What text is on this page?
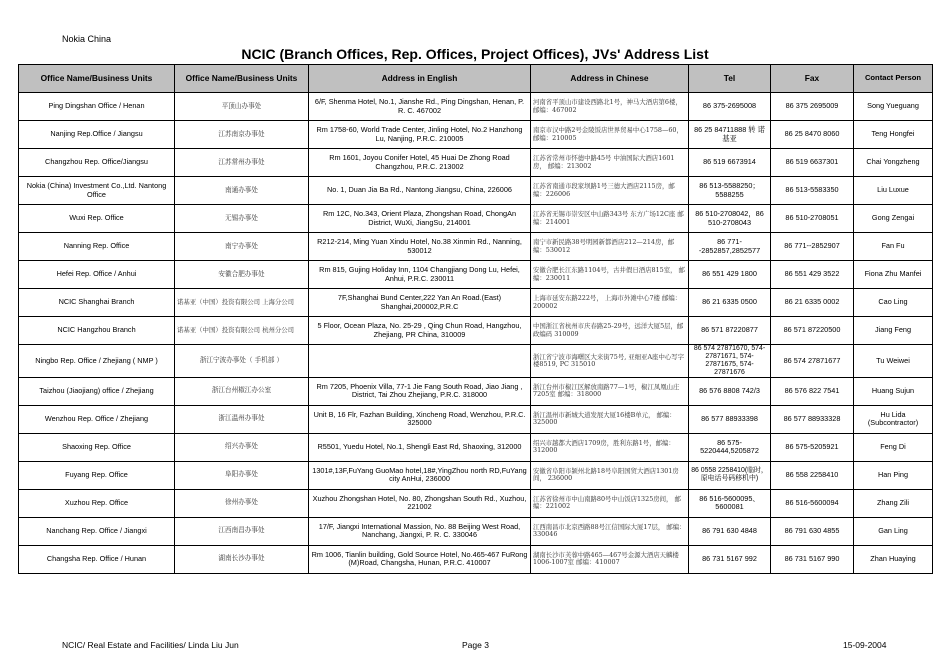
Nokia China
NCIC (Branch Offices, Rep. Offices, Project Offices), JVs' Address List
Office Name/Business Units	Office Name/Business Units	Address in English	Address in Chinese	Tel	Fax	Contact Person
Ping Dingshan Office / Henan	平顶山办事处	6/F, Shenma Hotel, No.1, Jianshe Rd., Ping Dingshan, Henan, P. R. C. 467002	河南省平顶山市建设西路北1号，神马大酒店第6楼，邮编：467002	86 375-2695008	86 375 2695009	Song Yueguang
Nanjing Rep.Office / Jiangsu	江苏南京办事处	Rm 1758-60, World Trade Center, Jinling Hotel, No.2 Hanzhong Lu, Nanjing, P.R.C. 210005	南京市汉中路2号金陵饭店世界贸易中心1758—60， 邮编：210005	86 25 84711888 转 诺基亚	86 25 8470 8060	Teng Hongfei
Changzhou Rep. Office/Jiangsu	江苏常州办事处	Rm 1601, Joyou Conifer Hotel, 45 Huai De Zhong Road Changzhou, P.R.C. 213002	江苏省常州市怀德中路45号 中油国际大酒店1601房， 邮编：213002	86 519 6673914	86 519 6637301	Chai Yongzheng
Nokia (China) Investment Co.,Ltd. Nantong Office	南通办事处	No. 1, Duan Jia Ba Rd., Nantong Jiangsu, China, 226006	江苏省南通市段家坝路1号三德大酒店2115房，邮编：226006	86 513-5588250；5588255	86 513-5583350	Liu Luxue
Wuxi Rep. Office	无锡办事处	Rm 12C, No.343, Orient Plaza, Zhongshan Road, ChongAn District, WuXi, JiangSu, 214001	江苏省无锡市崇安区中山路343号 东方广场12C座 邮编：214001	86 510-2708042，86 510-2708043	86 510-2708051	Gong Zengai
Nanning Rep. Office	南宁办事处	R212-214, Ming Yuan Xindu Hotel, No.38 Xinmin Rd., Nanning, 530012	南宁市新民路38号明园新都酒店212—214房，邮编：530012	86 771--2852857,2852577	86 771--2852907	Fan Fu
Hefei Rep. Office / Anhui	安徽合肥办事处	Rm 815, Gujing Holiday Inn, 1104 Changjiang Dong Lu, Hefei, Anhui, P.R.C. 230011	安徽合肥长江东路1104号，古井假日酒店815室， 邮编：230011	86 551 429 1800	86 551 429 3522	Fiona Zhu Manfei
NCIC Shanghai Branch	诺基亚（中国）投资有限公司 上海分公司	7F,Shanghai Bund Center,222 Yan An Road.(East) Shanghai,200002,P.R.C	上海市延安东路222号， 上海市外滩中心7楼 邮编：200002	86 21 6335 0500	86 21 6335 0002	Cao Ling
NCIC Hangzhou Branch	诺基亚（中国）投资有限公司 杭州分公司	5 Floor, Ocean Plaza, No. 25-29 , Qing Chun Road, Hangzhou, Zhejiang, PR China, 310009	中国浙江省杭州市庆春路25-29号，远洋大厦5层，邮政编码 310009	86 571 87220877	86 571 87220500	Jiang Feng
Ningbo Rep. Office / Zhejiang ( NMP )	浙江宁波办事处（ 手机部 ）		浙江省宁波市海曙区大来街75号, 亚细亚A座中心写字楼8519, PC 315010	86 574 27871670, 574-27871671, 574-27871675, 574-27871676	86 574 27871677	Tu Weiwei
Taizhou (Jiaojiang) office / Zhejiang	浙江台州椒江办公室	Rm 7205, Phoenix Villa, 77-1 Jie Fang South Road, Jiao Jiang , District, Tai Zhou Zhejiang, P.R.C. 318000	浙江台州市椒江区解放南路77—1号，椒江凤凰山庄7205室 邮编：318000	86 576 8808 742/3	86 576 822 7541	Huang Sujun
Wenzhou Rep. Office / Zhejiang	浙江温州办事处	Unit B, 16 Flr, Fazhan Building, Xincheng Road, Wenzhou, P.R.C. 325000	浙江温州市新城大道发展大厦16楼B单元， 邮编：325000	86 577 88933398	86 577 88933328	Hu Lida (Subcontractor)
Shaoxing Rep. Office	绍兴办事处	R5501, Yuedu Hotel, No.1, Shengli East Rd, Shaoxing, 312000	绍兴市越都大酒店1709房，胜利东路1号，邮编：312000	86 575-5220444,5205872	86 575-5205921	Feng Di
Fuyang Rep. Office	阜阳办事处	1301#,13F,FuYang GuoMao hotel,18#,YingZhou north RD,FuYang city AnHui, 236000	安徽省阜阳市颍州北路18号阜阳国贸大酒店1301房间， 236000	86 0558 2258410(临时，原电话号码移机中)	86 558 2258410	Han Ping
Xuzhou Rep. Office	徐州办事处	Xuzhou Zhongshan Hotel, No. 80, Zhongshan South Rd., Xuzhou, 221002	江苏省徐州市中山南路80号中山饭店1325房间， 邮编：221002	86 516-5600095、5600081	86 516-5600094	Zhang Zili
Nanchang Rep. Office / Jiangxi	江西南昌办事处	17/F, Jiangxi International Massion, No. 88 Beijing West Road, Nanchang, Jiangxi, P. R. C. 330046	江西南昌市北京西路88号江信国际大厦17层， 邮编：330046	86 791 630 4848	86 791 630 4855	Gan Ling
Changsha Rep. Office / Hunan	湖南长沙办事处	Rm 1006, Tianlin building, Gold Source Hotel, No.465-467 FuRong (M)Road, Changsha, Hunan, P.R.C. 410007	湖南长沙市芙蓉中路465—467号金源大酒店天麟楼 1006-1007室 邮编：410007	86 731 5167 992	86 731 5167 990	Zhan Huaying
NCIC/ Real Estate and Facilities/ Linda Liu Jun	Page 3	15-09-2004
